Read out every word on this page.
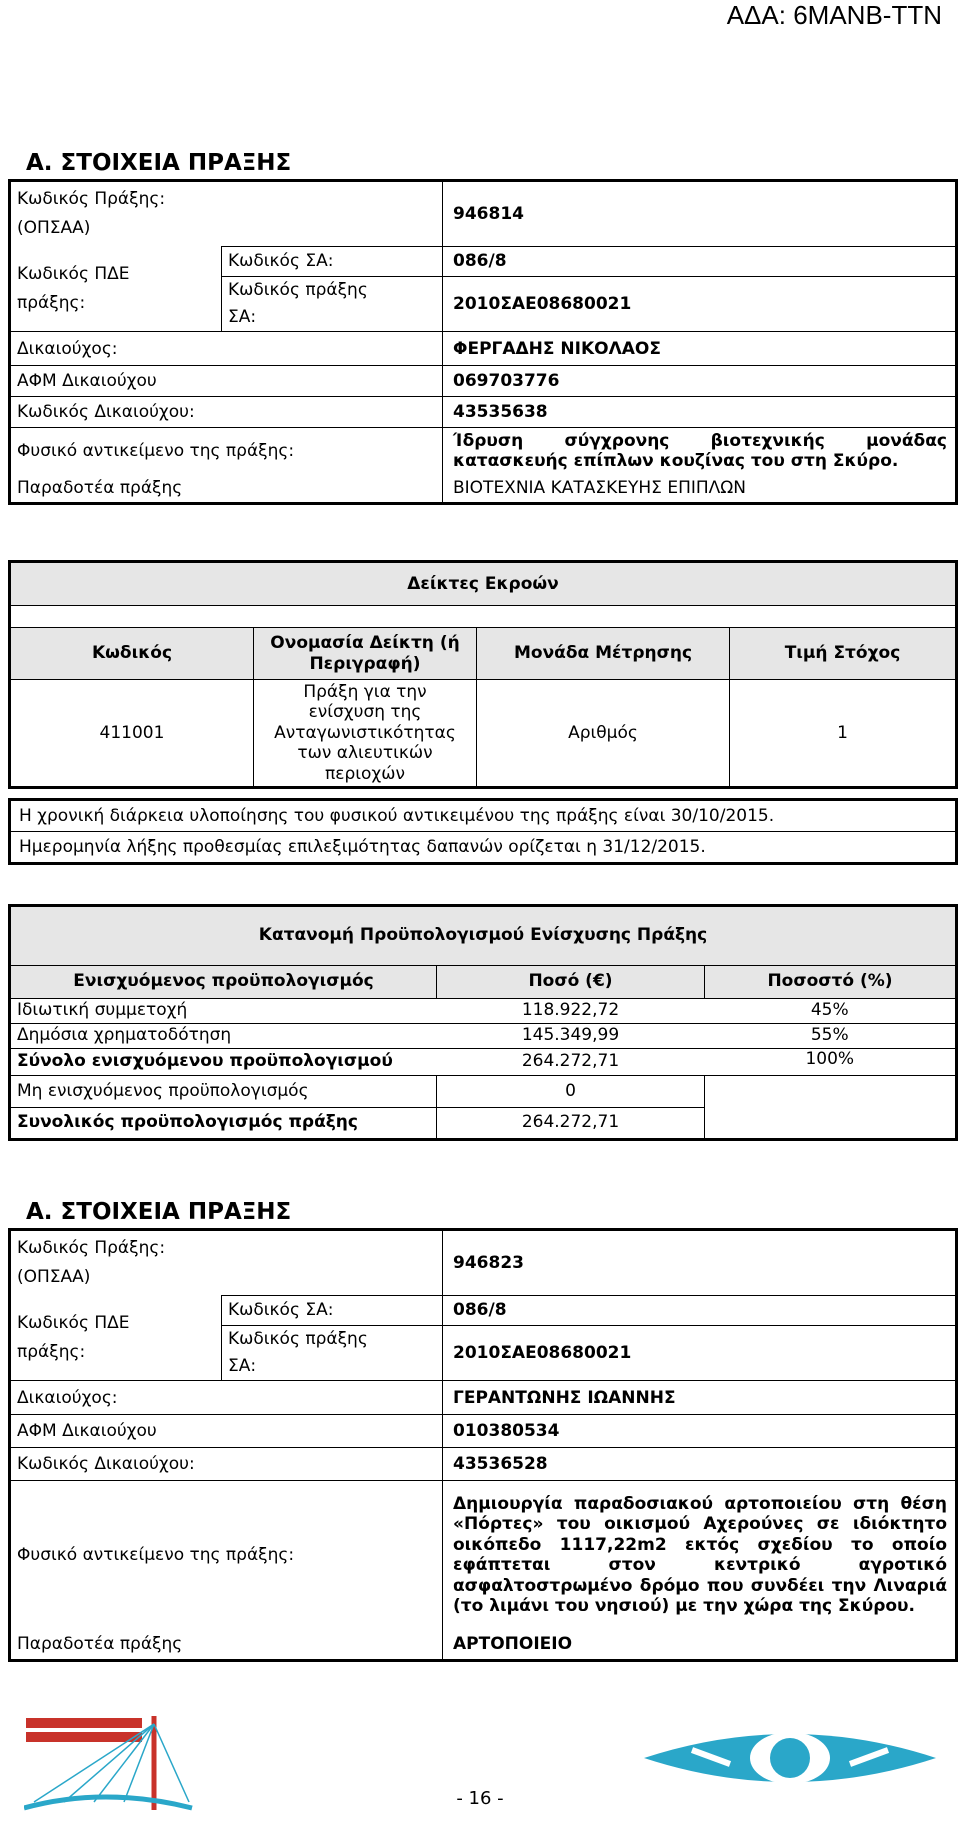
ΑΔΑ: 6ΜΑΝΒ-ΤΤΝ
Α. ΣΤΟΙΧΕΙΑ ΠΡΑΞΗΣ
Κωδικός Πράξης:
(ΟΠΣΑΑ)		946814

Κωδικός ΠΔΕ
πράξης:	Κωδικός ΣΑ:	086/8

	Κωδικός πράξης
ΣΑ:	2010ΣΑΕ08680021
Δικαιούχος:		ΦΕΡΓΑΔΗΣ ΝΙΚΟΛΑΟΣ
ΑΦΜ Δικαιούχου		069703776
Κωδικός Δικαιούχου:		43535638
Φυσικό αντικείμενο της πράξης:		Ίδρυση σύγχρονης βιοτεχνικής μονάδας κατασκευής επίπλων κουζίνας του στη Σκύρο.
Παραδοτέα πράξης		ΒΙΟΤΕΧΝΙΑ ΚΑΤΑΣΚΕΥΗΣ ΕΠΙΠΛΩΝ
Δείκτες Εκροών			

Κωδικός	Ονομασία Δείκτη (ή Περιγραφή)	Μονάδα Μέτρησης	Τιμή Στόχος
411001	Πράξη για την
ενίσχυση της
Ανταγωνιστικότητας
των αλιευτικών
περιοχών	Αριθμός	1
Η χρονική διάρκεια υλοποίησης του φυσικού αντικειμένου της πράξης είναι 30/10/2015.
Ημερομηνία λήξης προθεσμίας επιλεξιμότητας δαπανών ορίζεται η 31/12/2015.
Κατανομή Προϋπολογισμού Ενίσχυσης Πράξης		
Ενισχυόμενος προϋπολογισμός	Ποσό (€)	Ποσοστό (%)
Ιδιωτική συμμετοχή	118.922,72	45%
Δημόσια χρηματοδότηση	145.349,99	55%
Σύνολο ενισχυόμενου προϋπολογισμού	264.272,71	100%
Μη ενισχυόμενος προϋπολογισμός	0	
Συνολικός προϋπολογισμός πράξης	264.272,71	
Α. ΣΤΟΙΧΕΙΑ ΠΡΑΞΗΣ
Κωδικός Πράξης:
(ΟΠΣΑΑ)		946823

Κωδικός ΠΔΕ
πράξης:	Κωδικός ΣΑ:	086/8

	Κωδικός πράξης
ΣΑ:	2010ΣΑΕ08680021
Δικαιούχος:		ΓΕΡΑΝΤΩΝΗΣ ΙΩΑΝΝΗΣ
ΑΦΜ Δικαιούχου		010380534
Κωδικός Δικαιούχου:		43536528
Φυσικό αντικείμενο της πράξης:		Δημιουργία παραδοσιακού αρτοποιείου στη θέση «Πόρτες» του οικισμού Αχερούνες σε ιδιόκτητο οικόπεδο 1117,22m2 εκτός σχεδίου το οποίο εφάπτεται στον κεντρικό αγροτικό ασφαλτοστρωμένο δρόμο που συνδέει την Λιναριά (το λιμάνι του νησιού) με την χώρα της Σκύρου.
Παραδοτέα πράξης		ΑΡΤΟΠΟΙΕΙΟ
- 16 -
